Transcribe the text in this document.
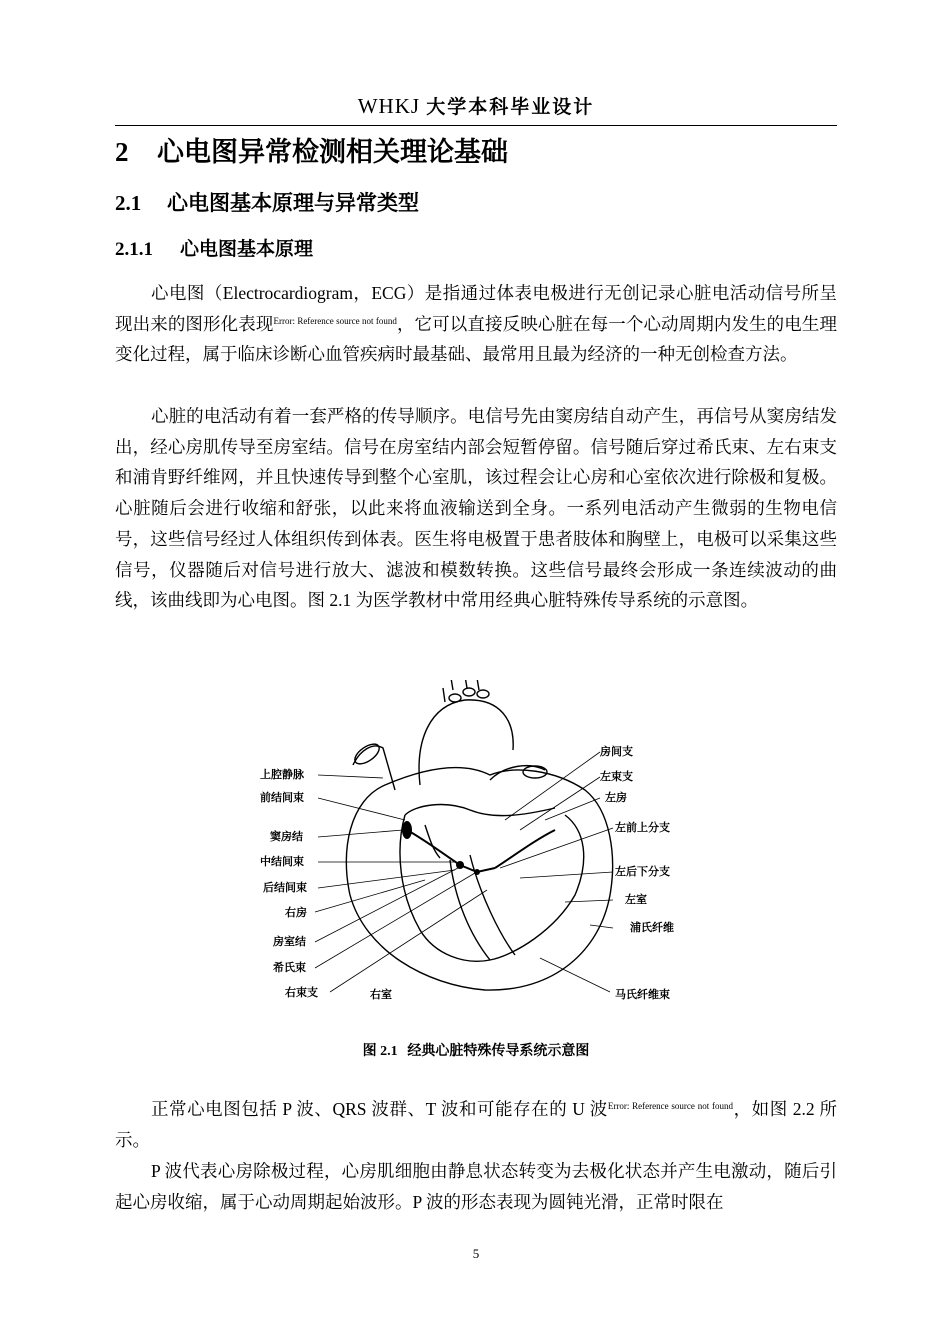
WHKJ 大学本科毕业设计
2 心电图异常检测相关理论基础
2.1 心电图基本原理与异常类型
2.1.1 心电图基本原理

心电图（Electrocardiogram，ECG）是指通过体表电极进行无创记录心脏电活动信号所呈现出来的图形化表现$^{Error: Reference source not found}$，它可以直接反映心脏在每一个心动周期内发生的电生理变化过程，属于临床诊断心血管疾病时最基础、最常用且最为经济的一种无创检查方法。

心脏的电活动有着一套严格的传导顺序。电信号先由窦房结自动产生，再信号从窦房结发出，经心房肌传导至房室结。信号在房室结内部会短暂停留。信号随后穿过希氏束、左右束支和浦肯野纤维网，并且快速传导到整个心室肌，该过程会让心房和心室依次进行除极和复极。心脏随后会进行收缩和舒张，以此来将血液输送到全身。一系列电活动产生微弱的生物电信号，这些信号经过人体组织传到体表。医生将电极置于患者肢体和胸壁上，电极可以采集这些信号，仪器随后对信号进行放大、滤波和模数转换。这些信号最终会形成一条连续波动的曲线，该曲线即为心电图。图 2.1 为医学教材中常用经典心脏特殊传导系统的示意图。

上腔静脉
前结间束
窦房结
中结间束
后结间束
右房
房室结
希氏束
右束支	右室
房间支
左束支
左房
左前上分支
左后下分支
左室
浦氏纤维
马氏纤维束
图 2.1 经典心脏特殊传导系统示意图

正常心电图包括 P 波、QRS 波群、T 波和可能存在的 U 波$^{Error: Reference source not found}$，如图 2.2 所示。

P 波代表心房除极过程，心房肌细胞由静息状态转变为去极化状态并产生电激动，随后引起心房收缩，属于心动周期起始波形。P 波的形态表现为圆钝光滑，正常时限在

5
